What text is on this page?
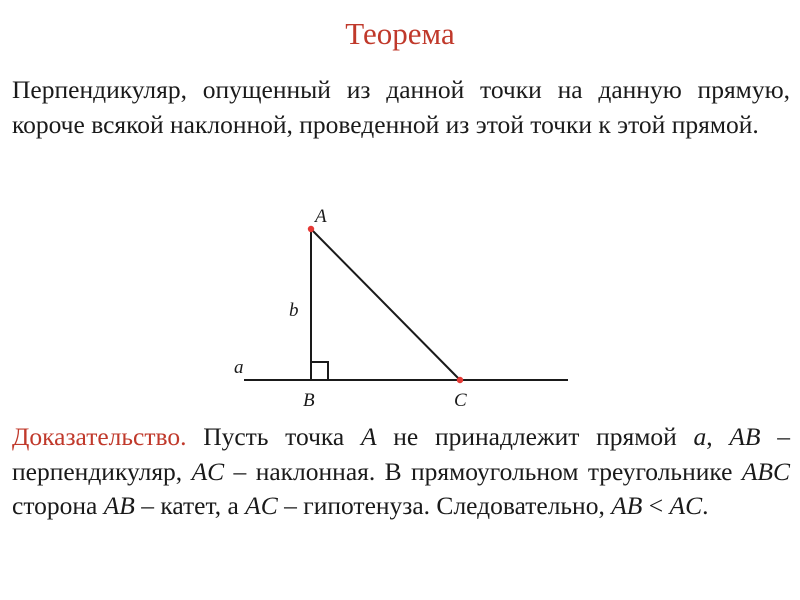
Теорема
Перпендикуляр, опущенный из данной точки на данную прямую, короче всякой наклонной, проведенной из этой точки к этой прямой.
A
b
a
B	C
Доказательство. Пусть точка A не принадлежит прямой a, AB – перпендикуляр, AC – наклонная. В прямоугольном треугольнике ABC сторона AB – катет, а AC – гипотенуза. Следовательно, AB < AC.
